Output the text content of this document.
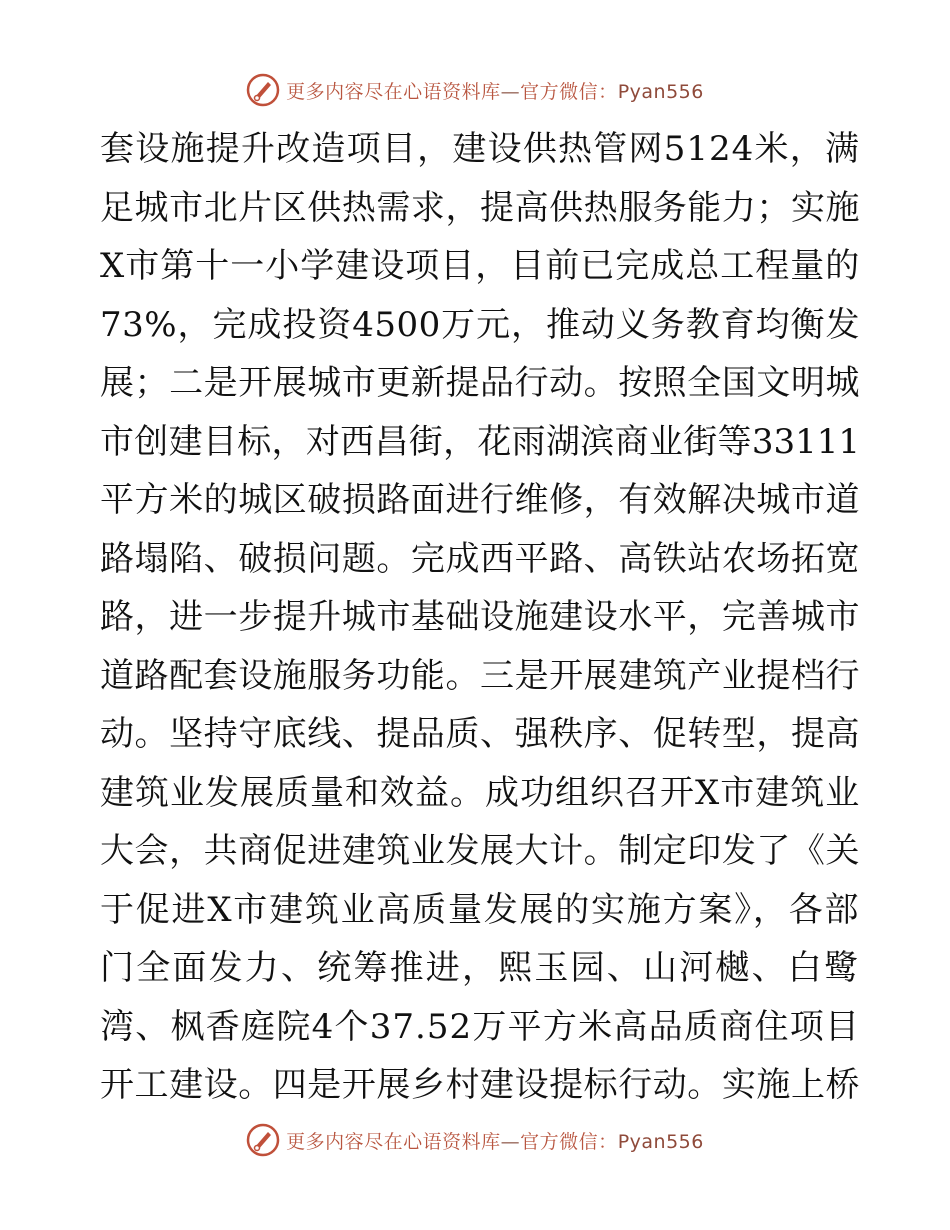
更多内容尽在心语资料库—官方微信：Pyan556
套设施提升改造项目，建设供热管网5124米，满
足城市北片区供热需求，提高供热服务能力；实施
X市第十一小学建设项目，目前已完成总工程量的
73%，完成投资4500万元，推动义务教育均衡发
展；二是开展城市更新提品行动。按照全国文明城
市创建目标，对西昌街，花雨湖滨商业街等33111
平方米的城区破损路面进行维修，有效解决城市道
路塌陷、破损问题。完成西平路、高铁站农场拓宽
路，进一步提升城市基础设施建设水平，完善城市
道路配套设施服务功能。三是开展建筑产业提档行
动。坚持守底线、提品质、强秩序、促转型，提高
建筑业发展质量和效益。成功组织召开X市建筑业
大会，共商促进建筑业发展大计。制定印发了《关
于促进X市建筑业高质量发展的实施方案》，各部
门全面发力、统筹推进，熙玉园、山河樾、白鹭
湾、枫香庭院4个37.52万平方米高品质商住项目
开工建设。四是开展乡村建设提标行动。实施上桥
更多内容尽在心语资料库—官方微信：Pyan556
